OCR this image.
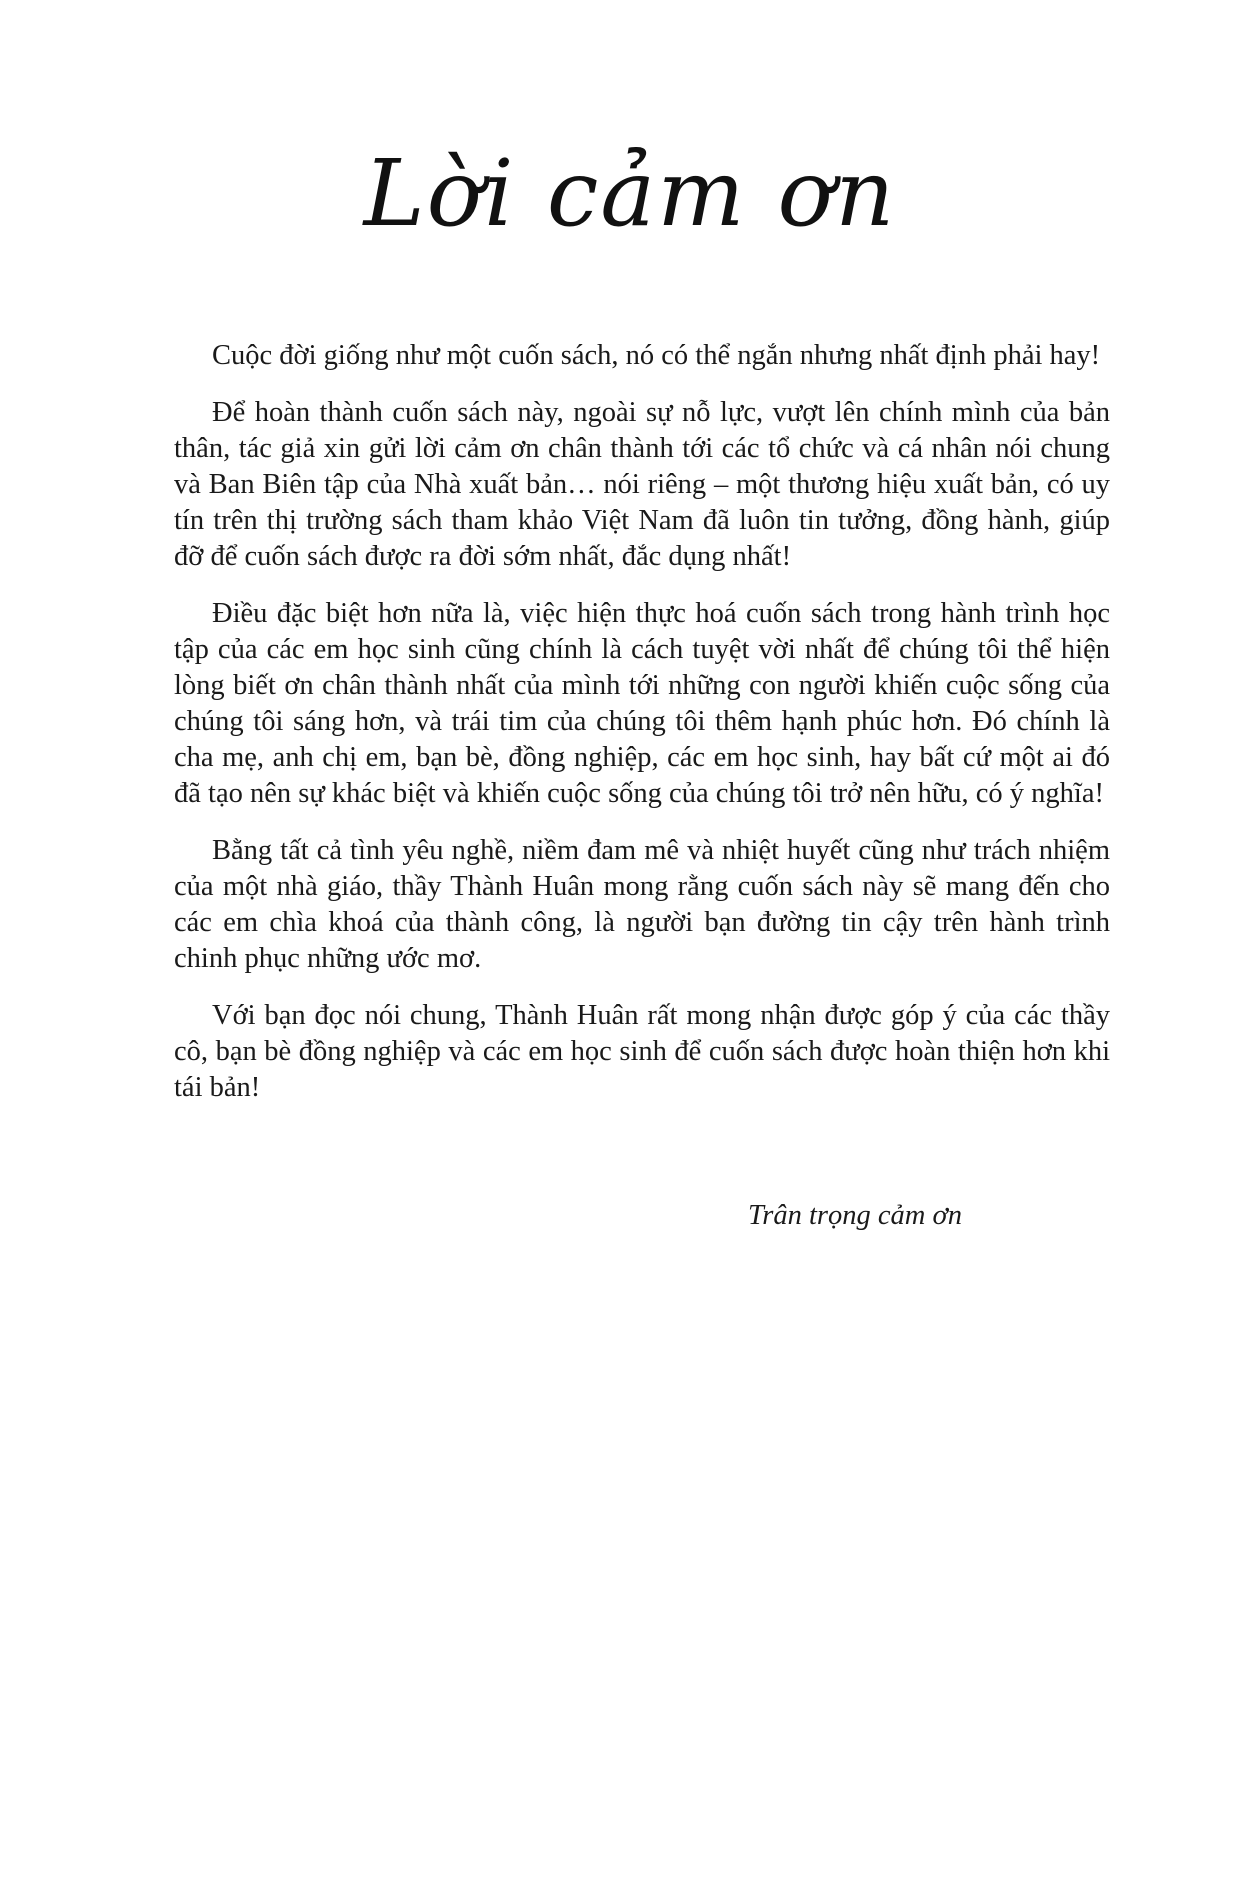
Lời cảm ơn

Cuộc đời giống như một cuốn sách, nó có thể ngắn nhưng nhất định phải hay!

Để hoàn thành cuốn sách này, ngoài sự nỗ lực, vượt lên chính mình của bản thân, tác giả xin gửi lời cảm ơn chân thành tới các tổ chức và cá nhân nói chung và Ban Biên tập của Nhà xuất bản… nói riêng – một thương hiệu xuất bản, có uy tín trên thị trường sách tham khảo Việt Nam đã luôn tin tưởng, đồng hành, giúp đỡ để cuốn sách được ra đời sớm nhất, đắc dụng nhất!

Điều đặc biệt hơn nữa là, việc hiện thực hoá cuốn sách trong hành trình học tập của các em học sinh cũng chính là cách tuyệt vời nhất để chúng tôi thể hiện lòng biết ơn chân thành nhất của mình tới những con người khiến cuộc sống của chúng tôi sáng hơn, và trái tim của chúng tôi thêm hạnh phúc hơn. Đó chính là cha mẹ, anh chị em, bạn bè, đồng nghiệp, các em học sinh, hay bất cứ một ai đó đã tạo nên sự khác biệt và khiến cuộc sống của chúng tôi trở nên hữu, có ý nghĩa!

Bằng tất cả tình yêu nghề, niềm đam mê và nhiệt huyết cũng như trách nhiệm của một nhà giáo, thầy Thành Huân mong rằng cuốn sách này sẽ mang đến cho các em chìa khoá của thành công, là người bạn đường tin cậy trên hành trình chinh phục những ước mơ.

Với bạn đọc nói chung, Thành Huân rất mong nhận được góp ý của các thầy cô, bạn bè đồng nghiệp và các em học sinh để cuốn sách được hoàn thiện hơn khi tái bản!

Trân trọng cảm ơn
